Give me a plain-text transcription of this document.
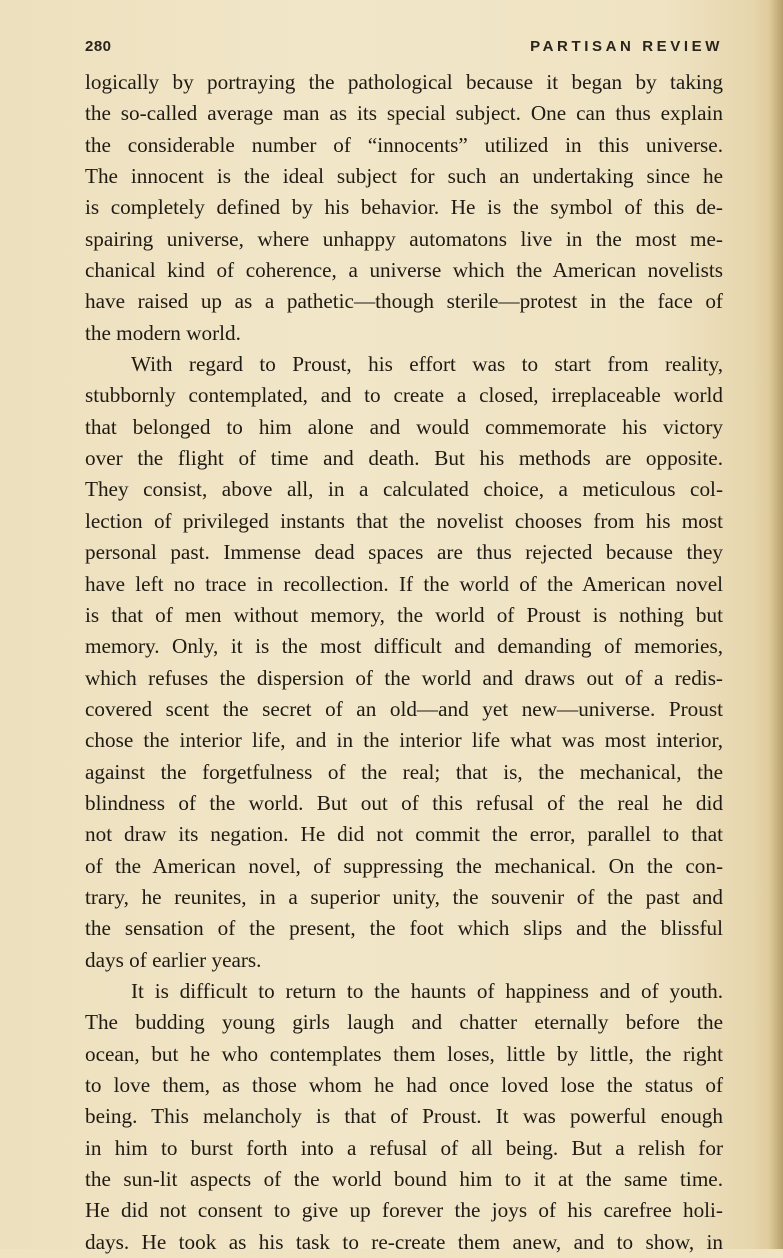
280	PARTISAN REVIEW

logically by portraying the pathological because it began by taking
the so-called average man as its special subject. One can thus explain
the considerable number of “innocents” utilized in this universe.
The innocent is the ideal subject for such an undertaking since he
is completely defined by his behavior. He is the symbol of this de-
spairing universe, where unhappy automatons live in the most me-
chanical kind of coherence, a universe which the American novelists
have raised up as a pathetic—though sterile—protest in the face of
the modern world.

With regard to Proust, his effort was to start from reality,
stubbornly contemplated, and to create a closed, irreplaceable world
that belonged to him alone and would commemorate his victory
over the flight of time and death. But his methods are opposite.
They consist, above all, in a calculated choice, a meticulous col-
lection of privileged instants that the novelist chooses from his most
personal past. Immense dead spaces are thus rejected because they
have left no trace in recollection. If the world of the American novel
is that of men without memory, the world of Proust is nothing but
memory. Only, it is the most difficult and demanding of memories,
which refuses the dispersion of the world and draws out of a redis-
covered scent the secret of an old—and yet new—universe. Proust
chose the interior life, and in the interior life what was most interior,
against the forgetfulness of the real; that is, the mechanical, the
blindness of the world. But out of this refusal of the real he did
not draw its negation. He did not commit the error, parallel to that
of the American novel, of suppressing the mechanical. On the con-
trary, he reunites, in a superior unity, the souvenir of the past and
the sensation of the present, the foot which slips and the blissful
days of earlier years.

It is difficult to return to the haunts of happiness and of youth.
The budding young girls laugh and chatter eternally before the
ocean, but he who contemplates them loses, little by little, the right
to love them, as those whom he had once loved lose the status of
being. This melancholy is that of Proust. It was powerful enough
in him to burst forth into a refusal of all being. But a relish for
the sun-lit aspects of the world bound him to it at the same time.
He did not consent to give up forever the joys of his carefree holi-
days. He took as his task to re-create them anew, and to show, in
